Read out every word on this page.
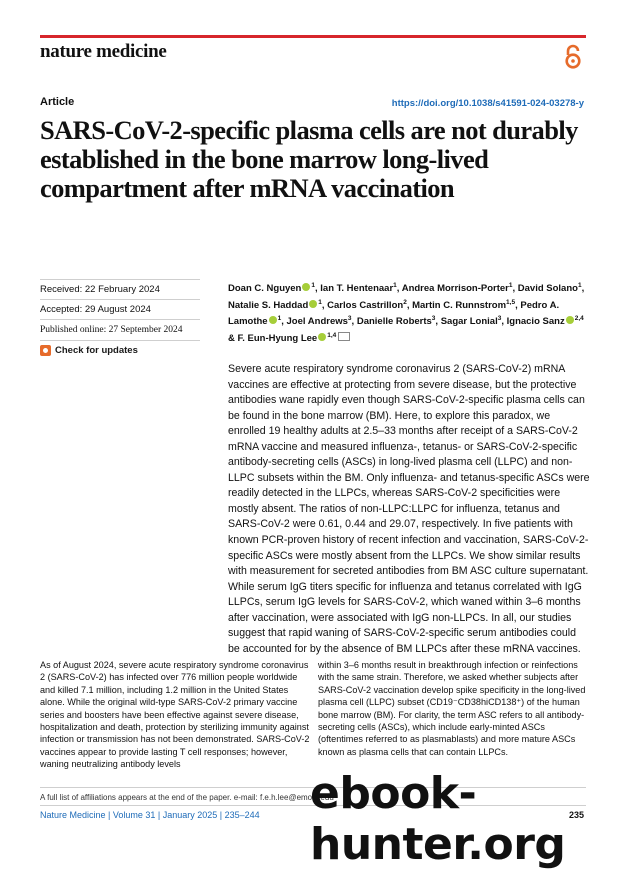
nature medicine
Article	https://doi.org/10.1038/s41591-024-03278-y
SARS-CoV-2-specific plasma cells are not durably established in the bone marrow long-lived compartment after mRNA vaccination
Received: 22 February 2024
Accepted: 29 August 2024
Published online: 27 September 2024
Check for updates
Doan C. Nguyen $^1$, Ian T. Hentenaar$^1$, Andrea Morrison-Porter$^1$, David Solano$^1$, Natalie S. Haddad $^1$, Carlos Castrillon$^2$, Martin C. Runnstrom$^{1,5}$, Pedro A. Lamothe $^1$, Joel Andrews$^3$, Danielle Roberts$^3$, Sagar Lonial$^3$, Ignacio Sanz $^{2,4}$ & F. Eun-Hyung Lee $^{1,4}$
Severe acute respiratory syndrome coronavirus 2 (SARS-CoV-2) mRNA vaccines are effective at protecting from severe disease, but the protective antibodies wane rapidly even though SARS-CoV-2-specific plasma cells can be found in the bone marrow (BM). Here, to explore this paradox, we enrolled 19 healthy adults at 2.5–33 months after receipt of a SARS-CoV-2 mRNA vaccine and measured influenza-, tetanus- or SARS-CoV-2-specific antibody-secreting cells (ASCs) in long-lived plasma cell (LLPC) and non-LLPC subsets within the BM. Only influenza- and tetanus-specific ASCs were readily detected in the LLPCs, whereas SARS-CoV-2 specificities were mostly absent. The ratios of non-LLPC:LLPC for influenza, tetanus and SARS-CoV-2 were 0.61, 0.44 and 29.07, respectively. In five patients with known PCR-proven history of recent infection and vaccination, SARS-CoV-2-specific ASCs were mostly absent from the LLPCs. We show similar results with measurement for secreted antibodies from BM ASC culture supernatant. While serum IgG titers specific for influenza and tetanus correlated with IgG LLPCs, serum IgG levels for SARS-CoV-2, which waned within 3–6 months after vaccination, were associated with IgG non-LLPCs. In all, our studies suggest that rapid waning of SARS-CoV-2-specific serum antibodies could be accounted for by the absence of BM LLPCs after these mRNA vaccines.
As of August 2024, severe acute respiratory syndrome coronavirus 2 (SARS-CoV-2) has infected over 776 million people worldwide and killed 7.1 million, including 1.2 million in the United States alone. While the original wild-type SARS-CoV-2 primary vaccine series and boosters have been effective against severe disease, hospitalization and death, protection by sterilizing immunity against infection or transmission has not been demonstrated. SARS-CoV-2 vaccines appear to provide lasting T cell responses; however, waning neutralizing antibody levels
within 3–6 months result in breakthrough infection or reinfections with the same strain. Therefore, we asked whether subjects after SARS-CoV-2 vaccination develop spike specificity in the long-lived plasma cell (LLPC) subset (CD19⁻CD38hiCD138⁺) of the human bone marrow (BM). For clarity, the term ASC refers to all antibody-secreting cells (ASCs), which include early-minted ASCs (oftentimes referred to as plasmablasts) and more mature ASCs known as plasma cells that can contain LLPCs.
A full list of affiliations appears at the end of the paper. e-mail: f.e.h.lee@emory.edu
Nature Medicine | Volume 31 | January 2025 | 235–244	235
ebook-hunter.org
